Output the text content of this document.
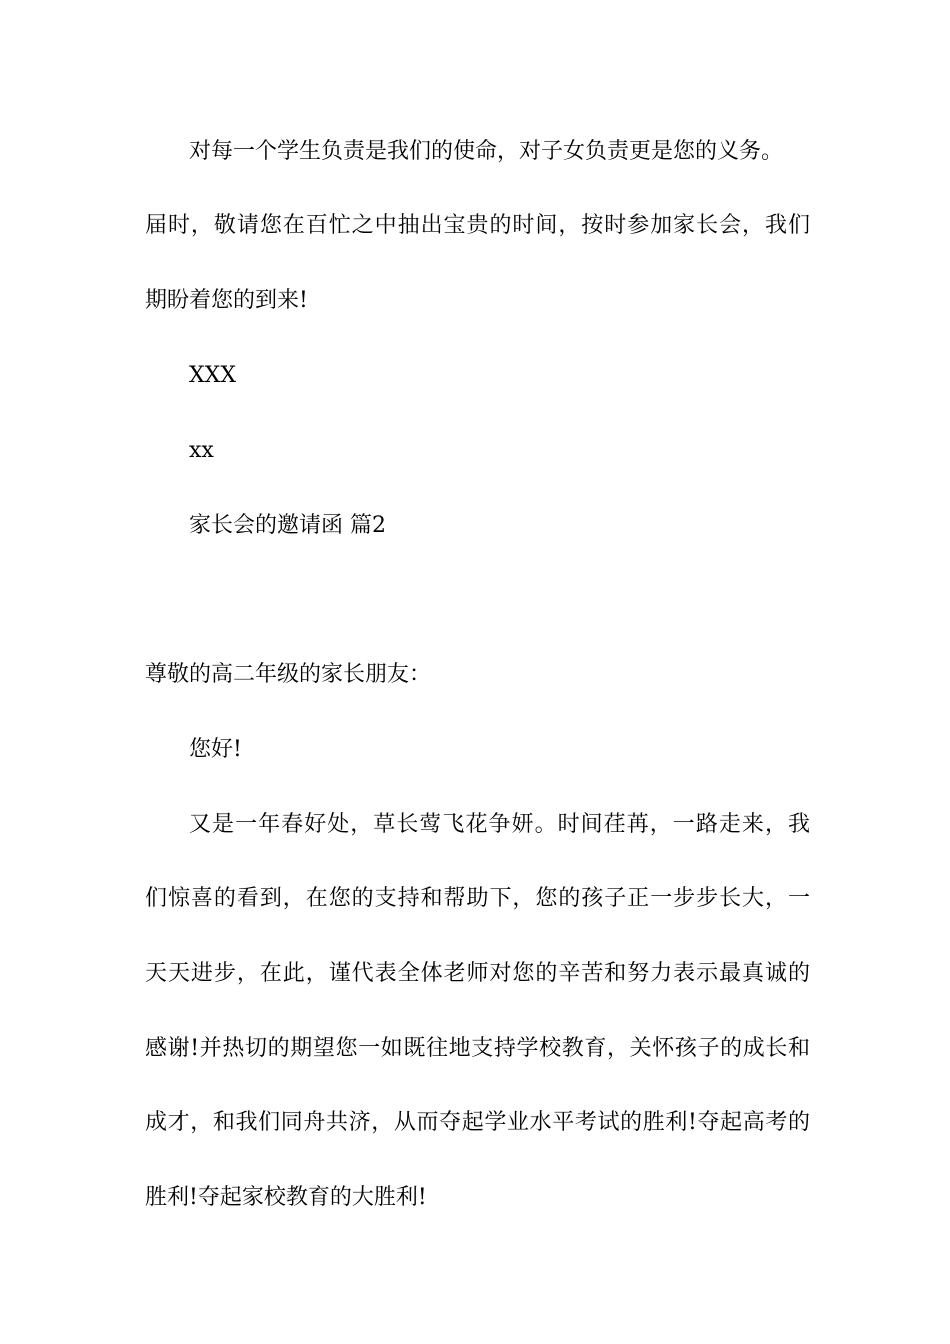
对每一个学生负责是我们的使命，对子女负责更是您的义务。
届时，敬请您在百忙之中抽出宝贵的时间，按时参加家长会，我们
期盼着您的到来!
XXX
xx
家长会的邀请函 篇2
尊敬的高二年级的家长朋友：
您好!
又是一年春好处，草长莺飞花争妍。时间荏苒，一路走来，我
们惊喜的看到，在您的支持和帮助下，您的孩子正一步步长大，一
天天进步，在此，谨代表全体老师对您的辛苦和努力表示最真诚的
感谢!并热切的期望您一如既往地支持学校教育，关怀孩子的成长和
成才，和我们同舟共济，从而夺起学业水平考试的胜利!夺起高考的
胜利!夺起家校教育的大胜利!
